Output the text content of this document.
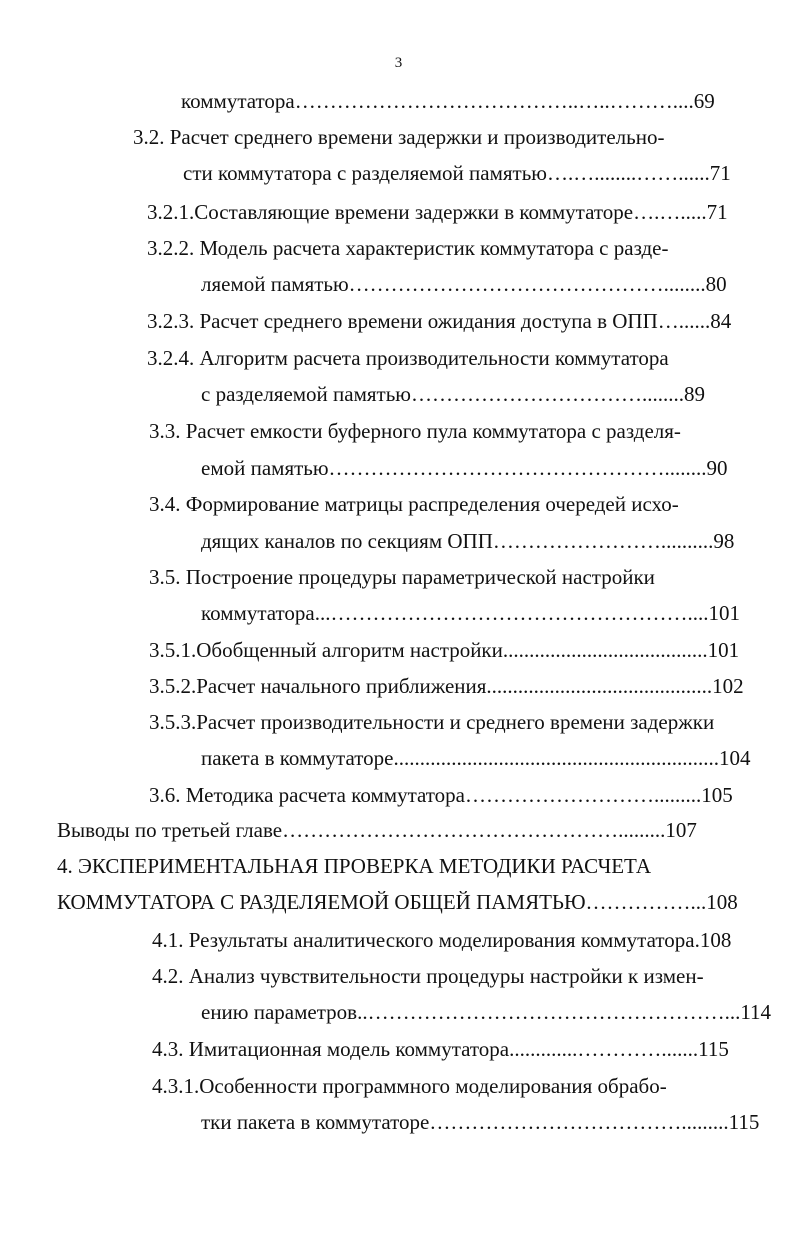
3
коммутатора…………………………………..…..………....69
3.2. Расчет среднего времени задержки и производительно-
сти коммутатора с разделяемой памятью….…........……......71
3.2.1.Составляющие времени задержки в коммутаторе….….....71
3.2.2. Модель расчета характеристик коммутатора с разде-
ляемой памятью………………………………………........80
3.2.3. Расчет среднего времени ожидания доступа в ОПП…......84
3.2.4. Алгоритм расчета производительности коммутатора
с разделяемой памятью……………………………........89
3.3. Расчет емкости буферного пула коммутатора с разделя-
емой памятью…………………………………………........90
3.4. Формирование матрицы распределения очередей исхо-
дящих каналов по секциям ОПП……………………..........98
3.5. Построение процедуры параметрической настройки
коммутатора...……………………………………………....101
3.5.1.Обобщенный алгоритм настройки.......................................101
3.5.2.Расчет начального приближения...........................................102
3.5.3.Расчет производительности и среднего времени задержки
пакета в коммутаторе..............................................................104
3.6. Методика расчета коммутатора……………………….........105
Выводы по третьей главе………………………………………….........107
4. ЭКСПЕРИМЕНТАЛЬНАЯ ПРОВЕРКА МЕТОДИКИ РАСЧЕТА
КОММУТАТОРА С РАЗДЕЛЯЕМОЙ ОБЩЕЙ ПАМЯТЬЮ……………...108
4.1. Результаты аналитического моделирования коммутатора.108
4.2. Анализ чувствительности процедуры настройки к измен-
ению параметров..……………………………………………...114
4.3. Имитационная модель коммутатора.............………….......115
4.3.1.Особенности программного моделирования обрабо-
тки пакета в коммутаторе……………………………….........115
